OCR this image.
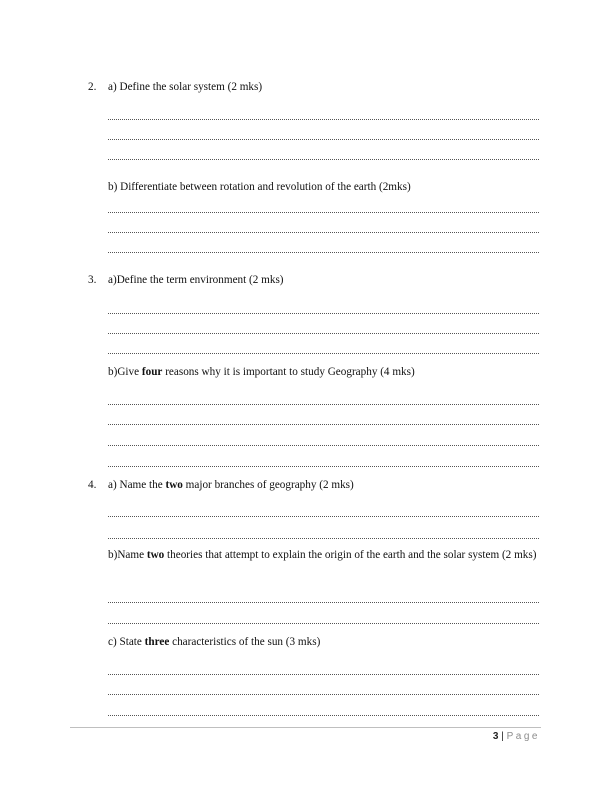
2. a) Define the solar system (2 mks)
b) Differentiate between rotation and revolution of the earth (2mks)
3. a)Define the term environment (2 mks)
b)Give four reasons why it is important to study Geography (4 mks)
4. a) Name the two major branches of geography (2 mks)
b)Name two theories that attempt to explain the origin of the earth and the solar system (2 mks)
c) State three characteristics of the sun (3 mks)
3 | Page
